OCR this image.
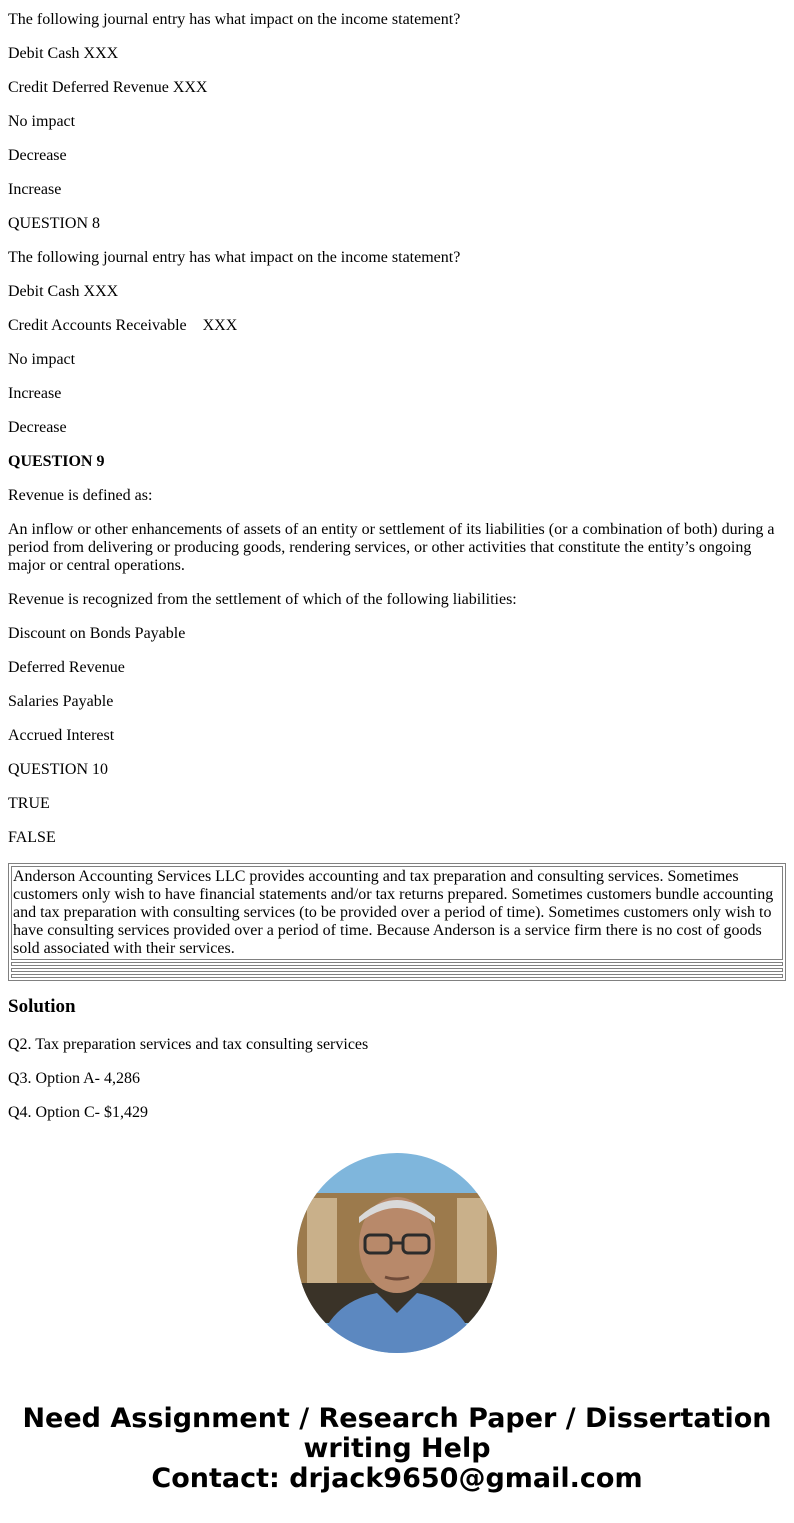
The following journal entry has what impact on the income statement?

Debit Cash XXX

Credit Deferred Revenue XXX

No impact

Decrease

Increase

QUESTION 8

The following journal entry has what impact on the income statement?

Debit Cash XXX

Credit Accounts Receivable    XXX

No impact

Increase

Decrease

QUESTION 9

Revenue is defined as:

An inflow or other enhancements of assets of an entity or settlement of its liabilities (or a combination of both) during a period from delivering or producing goods, rendering services, or other activities that constitute the entity’s ongoing major or central operations.

Revenue is recognized from the settlement of which of the following liabilities:

Discount on Bonds Payable

Deferred Revenue

Salaries Payable

Accrued Interest

QUESTION 10

TRUE

FALSE

Anderson Accounting Services LLC provides accounting and tax preparation and consulting services. Sometimes customers only wish to have financial statements and/or tax returns prepared. Sometimes customers bundle accounting and tax preparation with consulting services (to be provided over a period of time). Sometimes customers only wish to have consulting services provided over a period of time. Because Anderson is a service firm there is no cost of goods sold associated with their services.

Solution

Q2. Tax preparation services and tax consulting services

Q3. Option A- 4,286

Q4. Option C- $1,429

Need Assignment / Research Paper / Dissertation
writing Help
Contact: drjack9650@gmail.com
